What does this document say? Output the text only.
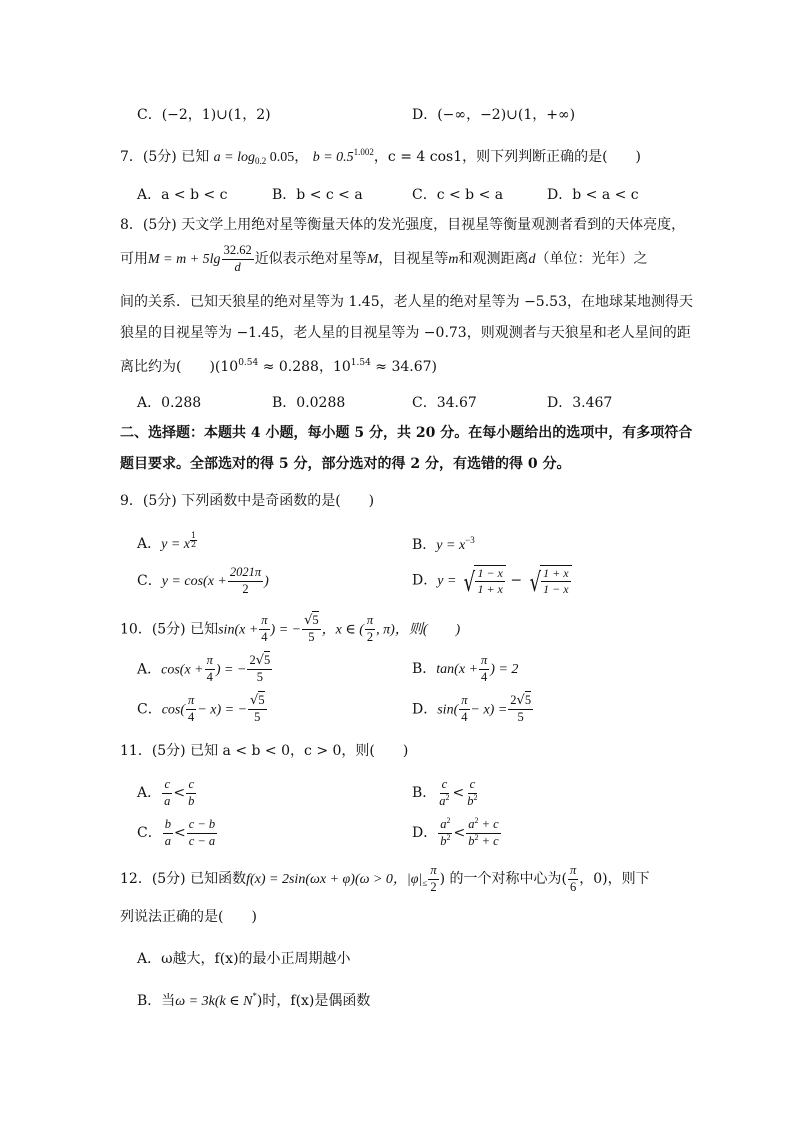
C．(−2，1)∪(1，2)	D．(−∞，−2)∪(1，+∞)
7．(5分) 已知 $a = \log_{0.2} 0.05$， $b = 0.5^{1.002}$，c = 4 cos1，则下列判断正确的是(　　)
A．a < b < c	B．b < c < a	C．c < b < a	D．b < a < c
8．(5分) 天文学上用绝对星等衡量天体的发光强度，目视星等衡量观测者看到的天体亮度，
可用$M = m + 5\lg \frac{32.62}{d}$ 近似表示绝对星等M，目视星等m和观测距离d（单位：光年）之
间的关系．已知天狼星的绝对星等为 1.45，老人星的绝对星等为 −5.53，在地球某地测得天
狼星的目视星等为 −1.45，老人星的目视星等为 −0.73，则观测者与天狼星和老人星间的距
离比约为(　　)($10^{0.54} \approx 0.288$，$10^{1.54} \approx 34.67$)
A．0.288	B．0.0288	C．34.67	D．3.467
二、选择题：本题共 4 小题，每小题 5 分，共 20 分。在每小题给出的选项中，有多项符合
题目要求。全部选对的得 5 分，部分选对的得 2 分，有选错的得 0 分。
9．(5分) 下列函数中是奇函数的是(　　)
A．y = x $\frac{1}{2}$	B．$y = x^{-3}$
C．$y = \cos(x + \frac{2021\pi}{2}$ )	D．y = √ $\frac{1 - x}{1 + x}$ − √ $\frac{1 + x}{1 - x}$
10．(5分) 已知$\sin(x + \frac{\pi}{4}$ ) = − $\frac{√5}{5}$ ，x ∈ ( $\frac{\pi}{2}$ , π)，则(　　)
A．$\cos(x + \frac{\pi}{4}$ ) = − $\frac{2√5}{5}$	B．$\tan(x + \frac{\pi}{4}$ ) = 2
C．$\cos( \frac{\pi}{4} - x)$ = − $\frac{√5}{5}$	D．$\sin( \frac{\pi}{4} - x) = \frac{2√5}{5}$
11．(5分) 已知 a < b < 0，c > 0，则(　　)
A． $\frac{c}{a} < \frac{c}{b}$	B． $\frac{c}{a^2} < \frac{c}{b^2}$
C． $\frac{b}{a} < \frac{c - b}{c - a}$	D． $\frac{a^2}{b^2} < \frac{a^2 + c}{b^2 + c}$
12．(5分) 已知函数f(x) = 2sin(ωx + φ)(ω > 0，$|\varphi|_\le \frac{\pi}{2}$ ) 的一个对称中心为( $\frac{\pi}{6}$ ，0)，则下
列说法正确的是(　　)
A．ω越大，f(x)的最小正周期越小
B．当ω = 3k(k ∈ N*)时，f(x)是偶函数
